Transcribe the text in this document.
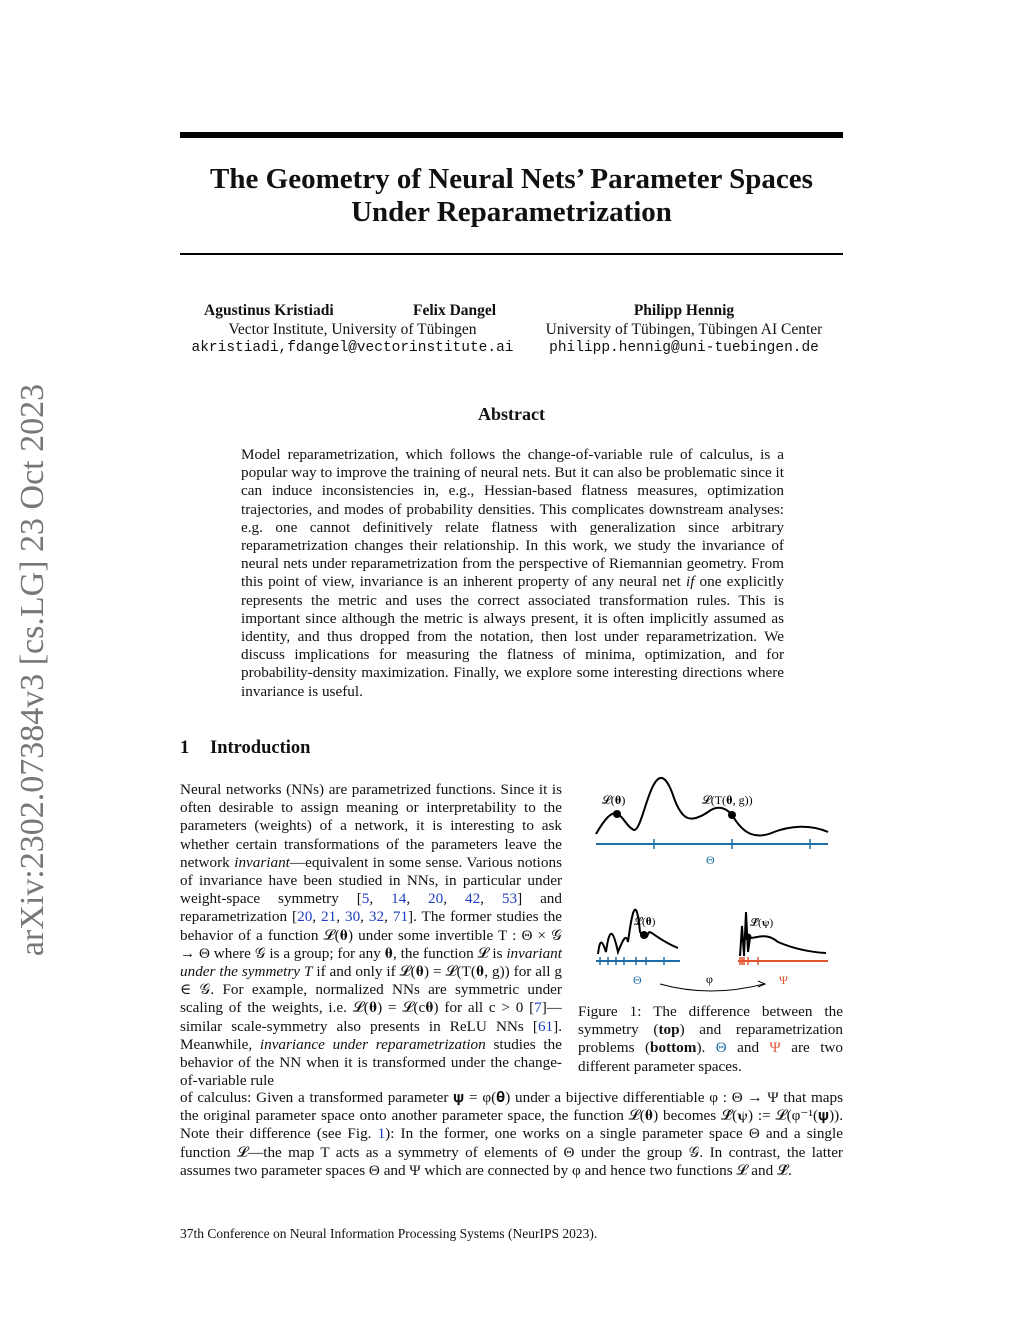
arXiv:2302.07384v3 [cs.LG] 23 Oct 2023
The Geometry of Neural Nets’ Parameter Spaces
Under Reparametrization
Agustinus Kristiadi	Felix Dangel
Vector Institute, University of Tübingen
akristiadi,fdangel@vectorinstitute.ai
Philipp Hennig
University of Tübingen, Tübingen AI Center
philipp.hennig@uni-tuebingen.de
Abstract
Model reparametrization, which follows the change-of-variable rule of calculus, is a popular way to improve the training of neural nets. But it can also be problematic since it can induce inconsistencies in, e.g., Hessian-based flatness measures, optimization trajectories, and modes of probability densities. This complicates downstream analyses: e.g. one cannot definitively relate flatness with generalization since arbitrary reparametrization changes their relationship. In this work, we study the invariance of neural nets under reparametrization from the perspective of Riemannian geometry. From this point of view, invariance is an inherent property of any neural net if one explicitly represents the metric and uses the correct associated transformation rules. This is important since although the metric is always present, it is often implicitly assumed as identity, and thus dropped from the notation, then lost under reparametrization. We discuss implications for measuring the flatness of minima, optimization, and for probability-density maximization. Finally, we explore some interesting directions where invariance is useful.
1 Introduction
Neural networks (NNs) are parametrized functions. Since it is often desirable to assign meaning or interpretability to the parameters (weights) of a network, it is interesting to ask whether certain transformations of the parameters leave the network invariant—equivalent in some sense. Various notions of invariance have been studied in NNs, in particular under weight-space symmetry [5, 14, 20, 42, 53] and reparametrization [20, 21, 30, 32, 71]. The former studies the behavior of a function 𝓛(𝛉) under some invertible T : Θ × 𝒢 → Θ where 𝒢 is a group; for any 𝛉, the function 𝓛 is invariant under the symmetry T if and only if 𝓛(𝛉) = 𝓛(T(𝛉, g)) for all g ∈ 𝒢. For example, normalized NNs are symmetric under scaling of the weights, i.e. 𝓛(𝛉) = 𝓛(c𝛉) for all c > 0 [7]—similar scale-symmetry also presents in ReLU NNs [61]. Meanwhile, invariance under reparametrization studies the behavior of the NN when it is transformed under the change-of-variable rule
𝓛(𝛉)	𝓛(T(𝛉, g))
Θ
𝓛(𝛉)
Θ	φ
𝓛̂(𝛙)
Ψ
Figure 1: The difference between the symmetry (top) and reparametrization problems (bottom). Θ and Ψ are two different parameter spaces.
of calculus: Given a transformed parameter 𝛙 = φ(𝛉) under a bijective differentiable φ : Θ → Ψ that maps the original parameter space onto another parameter space, the function 𝓛(𝛉) becomes 𝓛̂(𝛙) := 𝓛(φ⁻¹(𝛙)). Note their difference (see Fig. 1): In the former, one works on a single parameter space Θ and a single function 𝓛—the map T acts as a symmetry of elements of Θ under the group 𝒢. In contrast, the latter assumes two parameter spaces Θ and Ψ which are connected by φ and hence two functions 𝓛 and 𝓛̂.
37th Conference on Neural Information Processing Systems (NeurIPS 2023).
